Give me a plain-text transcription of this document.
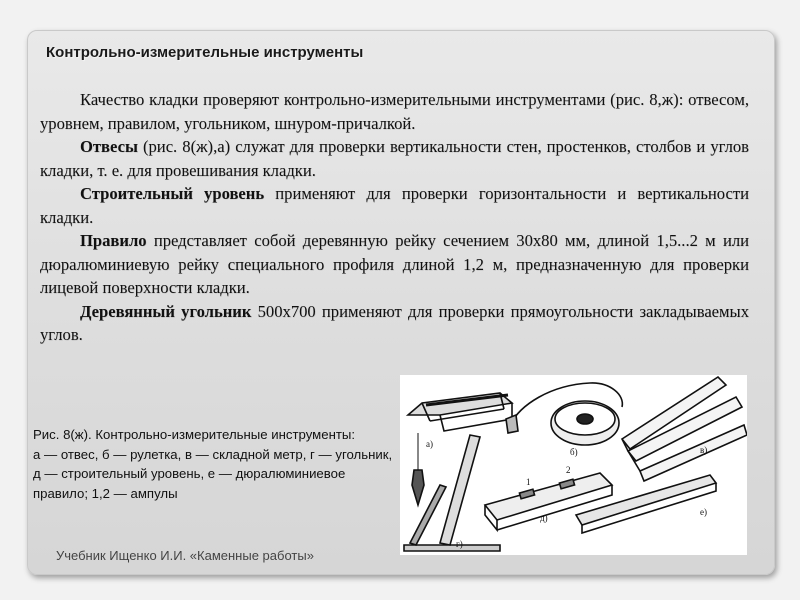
Контрольно-измерительные инструменты

Качество кладки проверяют контрольно-измерительными инструментами (рис. 8,ж): отвесом, уровнем, правилом, угольником, шнуром-причалкой.

Отвесы (рис. 8(ж),а) служат для проверки вертикальности стен, простенков, столбов и углов кладки, т. е. для провешивания кладки.

Строительный уровень применяют для проверки горизонтальности и вертикальности кладки.

Правило представляет собой деревянную рейку сечением 30х80 мм, длиной 1,5...2 м или дюралюминиевую рейку специального профиля длиной 1,2 м, предназначенную для проверки лицевой поверхности кладки.

Деревянный угольник 500х700 применяют для проверки прямоугольности закладываемых углов.

а)
б)	в)
г)
д)
е)
1
2
Рис. 8(ж). Контрольно-измерительные инструменты:
а — отвес, б — рулетка, в — складной метр, г — угольник, д — строительный уровень, е — дюралюминиевое правило; 1,2 — ампулы
Учебник Ищенко И.И. «Каменные работы»
